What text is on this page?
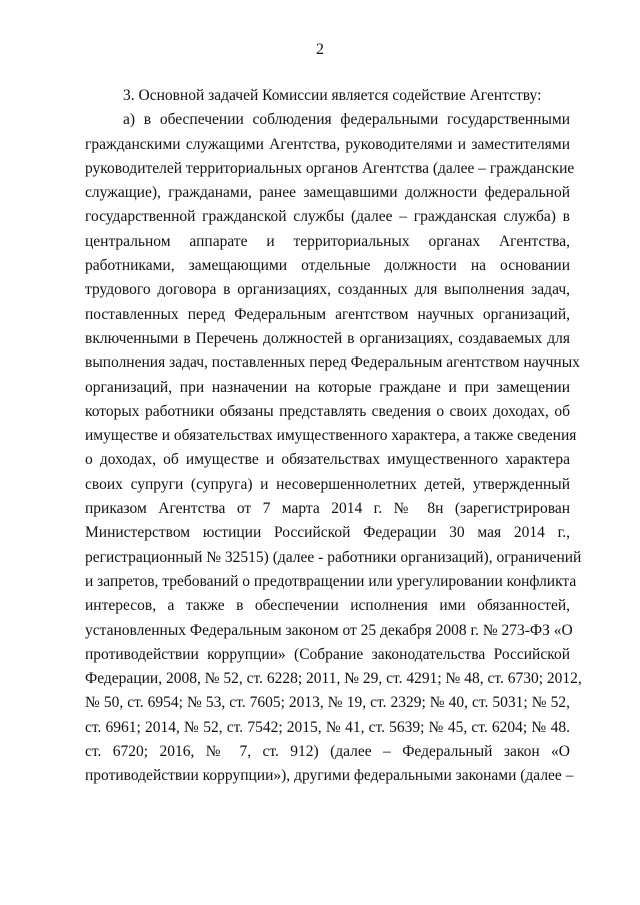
2
3. Основной задачей Комиссии является содействие Агентству:
а) в обеспечении соблюдения федеральными государственными
гражданскими служащими Агентства, руководителями и заместителями
руководителей территориальных органов Агентства (далее – гражданские
служащие), гражданами, ранее замещавшими должности федеральной
государственной гражданской службы (далее – гражданская служба) в
центральном аппарате и территориальных органах Агентства,
работниками, замещающими отдельные должности на основании
трудового договора в организациях, созданных для выполнения задач,
поставленных перед Федеральным агентством научных организаций,
включенными в Перечень должностей в организациях, создаваемых для
выполнения задач, поставленных перед Федеральным агентством научных
организаций, при назначении на которые граждане и при замещении
которых работники обязаны представлять сведения о своих доходах, об
имуществе и обязательствах имущественного характера, а также сведения
о доходах, об имуществе и обязательствах имущественного характера
своих супруги (супруга) и несовершеннолетних детей, утвержденный
приказом Агентства от 7 марта 2014 г. № 8н (зарегистрирован
Министерством юстиции Российской Федерации 30 мая 2014 г.,
регистрационный № 32515) (далее - работники организаций), ограничений
и запретов, требований о предотвращении или урегулировании конфликта
интересов, а также в обеспечении исполнения ими обязанностей,
установленных Федеральным законом от 25 декабря 2008 г. № 273-ФЗ «О
противодействии коррупции» (Собрание законодательства Российской
Федерации, 2008, № 52, ст. 6228; 2011, № 29, ст. 4291; № 48, ст. 6730; 2012,
№ 50, ст. 6954; № 53, ст. 7605; 2013, № 19, ст. 2329; № 40, ст. 5031; № 52,
ст. 6961; 2014, № 52, ст. 7542; 2015, № 41, ст. 5639; № 45, ст. 6204; № 48.
ст. 6720; 2016, № 7, ст. 912) (далее – Федеральный закон «О
противодействии коррупции»), другими федеральными законами (далее –
